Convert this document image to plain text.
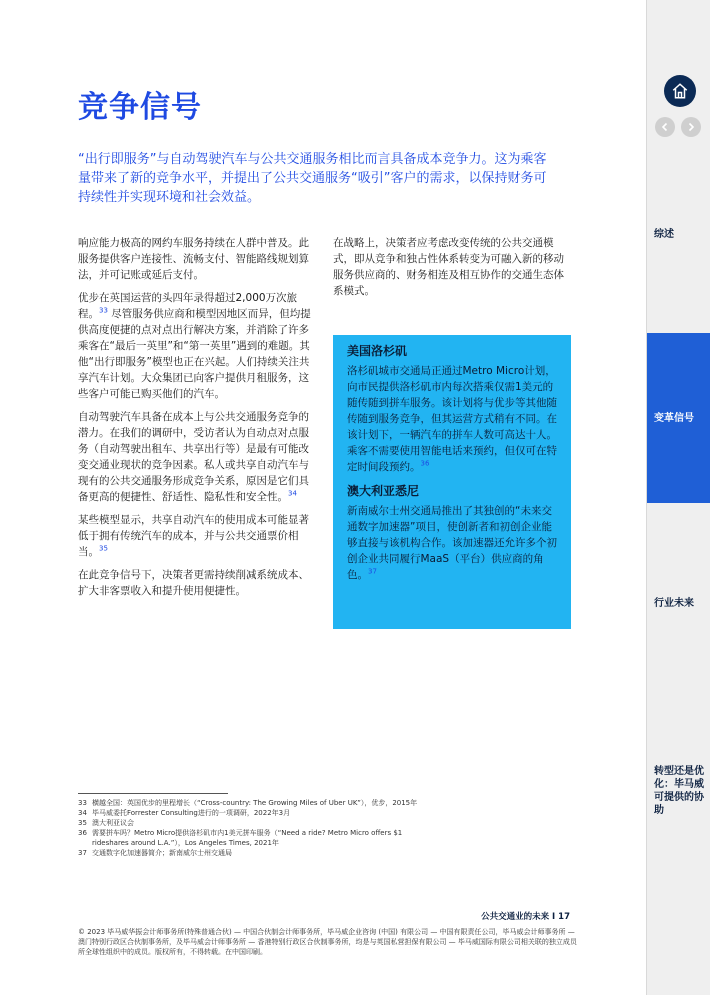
竞争信号
“出行即服务”与自动驾驶汽车与公共交通服务相比而言具备成本竞争力。这为乘客量带来了新的竞争水平，并提出了公共交通服务“吸引”客户的需求，以保持财务可持续性并实现环境和社会效益。

响应能力极高的网约车服务持续在人群中普及。此服务提供客户连接性、流畅支付、智能路线规划算法，并可记账或延后支付。

优步在英国运营的头四年录得超过2,000万次旅程。$^{33}$ 尽管服务供应商和模型因地区而异，但均提供高度便捷的点对点出行解决方案，并消除了许多乘客在“最后一英里”和“第一英里”遇到的难题。其他“出行即服务”模型也正在兴起。人们持续关注共享汽车计划。大众集团已向客户提供月租服务，这些客户可能已购买他们的汽车。

自动驾驶汽车具备在成本上与公共交通服务竞争的潜力。在我们的调研中，受访者认为自动点对点服务（自动驾驶出租车、共享出行等）是最有可能改变交通业现状的竞争因素。私人或共享自动汽车与现有的公共交通服务形成竞争关系，原因是它们具备更高的便捷性、舒适性、隐私性和安全性。$^{34}$

某些模型显示，共享自动汽车的使用成本可能显著低于拥有传统汽车的成本，并与公共交通票价相当。$^{35}$

在此竞争信号下，决策者更需持续削减系统成本、扩大非客票收入和提升使用便捷性。

在战略上，决策者应考虑改变传统的公共交通模式，即从竞争和独占性体系转变为可融入新的移动服务供应商的、财务相连及相互协作的交通生态体系模式。

美国洛杉矶

洛杉矶城市交通局正通过Metro Micro计划，向市民提供洛杉矶市内每次搭乘仅需1美元的随传随到拼车服务。该计划将与优步等其他随传随到服务竞争，但其运营方式稍有不同。在该计划下，一辆汽车的拼车人数可高达十人。乘客不需要使用智能电话来预约，但仅可在特定时间段预约。$^{36}$

澳大利亚悉尼

新南威尔士州交通局推出了其独创的“未来交通数字加速器”项目，使创新者和初创企业能够直接与该机构合作。该加速器还允许多个初创企业共同履行MaaS（平台）供应商的角色。$^{37}$

33 横越全国：英国优步的里程增长（“Cross-country: The Growing Miles of Uber UK”），优步，2015年
34 毕马威委托Forrester Consulting进行的一项调研，2022年3月
35 澳大利亚议会
36 需要拼车吗？Metro Micro提供洛杉矶市内1美元拼车服务（“Need a ride? Metro Micro offers $1 rideshares around L.A.”），Los Angeles Times, 2021年
37 交通数字化加速器简介；新南威尔士州交通局
公共交通业的未来 I 17
© 2023 毕马威华振会计师事务所(特殊普通合伙) — 中国合伙制会计师事务所，毕马威企业咨询 (中国) 有限公司 — 中国有限责任公司，毕马威会计师事务所 — 澳门特别行政区合伙制事务所，及毕马威会计师事务所 — 香港特别行政区合伙制事务所，均是与英国私营担保有限公司 — 毕马威国际有限公司相关联的独立成员所全球性组织中的成员。版权所有，不得转载。在中国印刷。
综述
变革信号
行业未来
转型还是优化：毕马威可提供的协助
